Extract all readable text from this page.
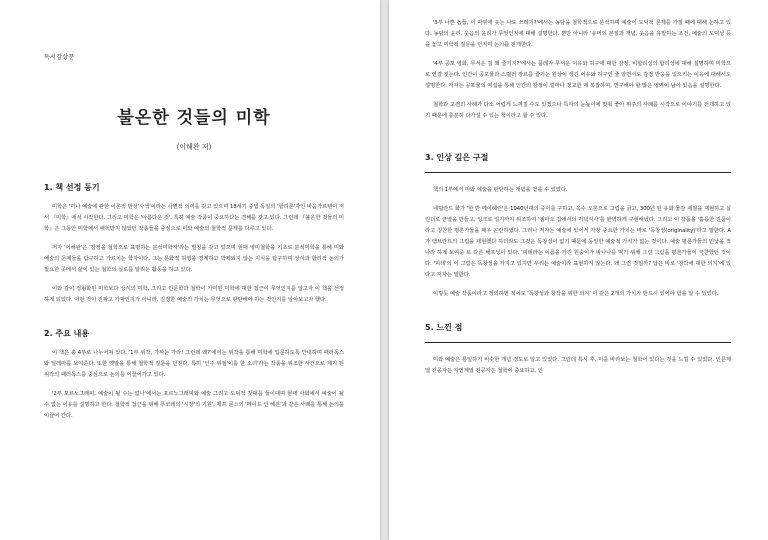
독서감상문

불온한 것들의 미학

(이해완 저)

1. 책 선정 동기

미학은 '미나 예술에 관한 이론적 반성'사색'이라는 사변적 의미를 갖고 있으며 18세기 중엽 독일의 '합리론'자인 바움가르텐이 저서 『미학』에서 시작한다. 그리고 미학은 '아름다운 것', 특히 예술 작품이 중요하다는 견해를 갖고 있다. 그런데 『불온한 것들의 미학』은 그동안 미학에서 배척받지 않았던 작품들을 중심으로 미와 예술의 철학적 문제를 다루고 있다.

저자 '이해완'은 '감정을 철학으로 표명하는 분석미학자'라는 별칭을 갖고 있으며 현대 영미철학을 기초로 분석미학을 통해 미와 예술의 문제들을 탐구하고 가르치는 학자이다. 그는 문화적 허영을 경계하고 박제되지 않는 지식을 탐구하며 상식과 합리적 논의가 필요한 곳에서 삶이 있는 철학의 실로를 알리는 활동을 하고 있다.

이와 같이 정형화된 미학보다 상식의 미학, 그리고 인문학과 철학이 가미된 미학에 대한 접근이 무엇인지를 알고자 이 책을 선정하게 되었다. 어떤 것이 진짜고 가짜인지가 아니라, 진정한 예술의 가치는 무엇으로 판단해야 하는 것인지를 알아보고자 했다.

2. 주요 내용

이 책은 총 4부로 나누어져 있다. '1부 위작, 가짜는 가라! 그런데 왜?'에서는 위작을 통해 미학에 입문하도록 안내하며 패러독스와 딜레마를 보여준다. 또한 옛말을 통해 철학적 질문을 던진다. 특히 '인주 위절'이를 한 소녀'라는 작품을 위조한 사건으로 계기 된 위작의 패러독스를 중심으로 논의를 이끌어가고 있다.

'2부 포르노그래피, 예술이 될 수는 없나'에서는 포르노그래피와 예술 그리고 도덕적 잣대를 들이대며 현대 사회에서 예술이 될 수 없는 이유를 설명하고 한다. 철학적 접근을 위해 푸코레의 '시장'의 기원', 제프 쿤스의 '메이드 인 헤븐'과 같은 사례를 통해 논의를 이끌어 간다.

'3부 나쁜 놈들, 이 따위에 웃는 나도 쓰레기?'에서는 농담을 철학적으로 분석하며 예술이 도덕적 문제를 가질 때에 대해 논하고 있다. 농담의 윤리, 웃음의 윤리가 무엇인지에 대해 설명한다. 뿐만 아니라 '유머의 본질과 개념, 웃음을 유발하는 조건, 예술의 도덕성 등을 놓고 미학적 질문을 던지며 논의를 전개한다.

'4부 공포 영화, 무서운 걸 왜 즐기지?'에서는 품레가 무서운 이유와 허구에 대한 감정, 비합리성의 합리성에 대해 설명하며 미학으로 연결 짓는다. 인간이 공포물과 스릴러 장르를 즐기는 원상이 생긴 이유와 허구인 줄 알면서도 감정 반응을 일으키는 이유에 대해서도 설명한다. 저자는 공포물의 역설을 통해 인간의 감정이 얼마나 정교한 매 복잡하며, 연구해야 할 많은 영역이 남아 있음을 설명한다.

철학과 고전의 사례가 다소 어렵게 느껴질 수도 있겠으나 특자의 눈높이에 맞춰 좋아 위주의 사례를 시작으로 이야기를 전개하고 있기 때문에 충분히 다가설 수 있는 책이라고 할 수 있다.

3. 인상 깊은 구절

책의 1부에서 미와 예술을 판단하는 개념을 얻을 수 있었다.

네덜란드 화가 '한 반 메이헤런'은 1940년대의 중이를 구하고, 옥수 오론으로 그림을 긁고, 300년 된 유화 물감 재질을 재현하고 실린더로 균열을 만들고, 잉크로 얼지까지 위조하여 '엠마오 집에서의 저녁식사'를 완벽하게 구현해냈다. 그리고 이 작품을 '훌륭한 진품이라고 칭찬한 평론가들을 매우 곤란하였다. 그러나 저자는 예술에 있어서 가장 중요한 가치는 바로 '독창성(originality)'라고 말한다. A가 렘브란트의 그림을 재현했다 하더라도 그것은 독창성이 없기 때문에 동일한 예술적 가치가 없는 것이다. 예술 평론가들의 민낯을 적나라 하게 보여준 또 다른 해프닝이 있다. '피테라는 이름을 가진 원숭이가 바나나를 먹기 위해 그린 그림을 평론가들이 극찬했던 것이다. '피테'의 이 그림은 독창성을 가지고 있지만 우리는 예술이라 표현하지 않는다. 왜 그런 것일까? 답은 바로 '창작에 대한 의지'에 있다고 저자는 말한다.

이렇듯 예술 작품이라고 정의하면 적어도 '독창성과 창작을 위한 의지' 이 같은 2개의 가치가 반드시 있어야 함을 알 수 있었다.

5. 느낀 점

미와 예술은 통일하기 비슷한 개념 정도로 알고 있었다. 그런데 특서 후, 미를 바라보는 철학이 있다는 것을 느낄 수 있었다. 인문계열 전공자든 자연계열 전공자든 철학이 중요하고, 인
